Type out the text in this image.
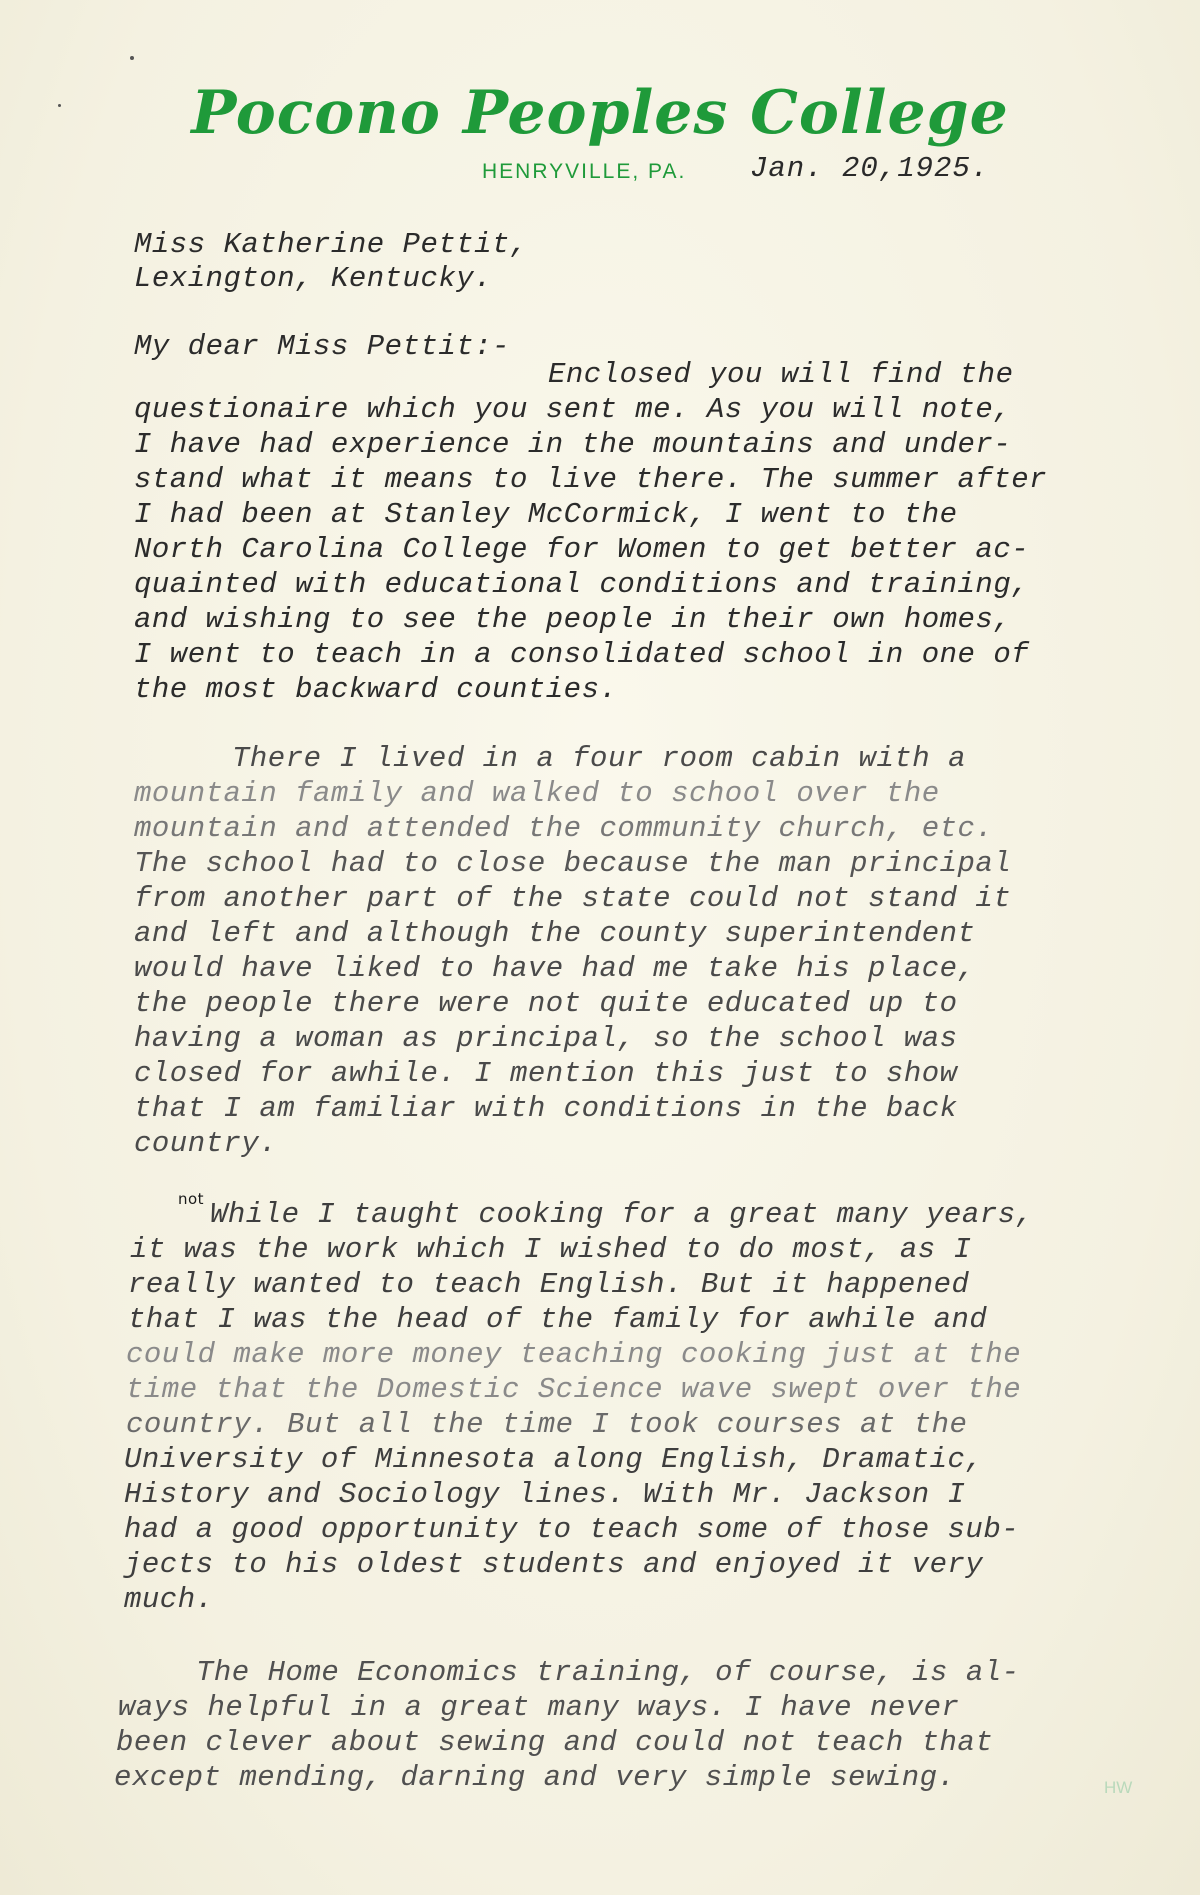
Pocono Peoples College
HENRYVILLE, PA. Jan. 20,1925.
Miss Katherine Pettit,
Lexington, Kentucky.
My dear Miss Pettit:-
Enclosed you will find the
questionaire which you sent me. As you will note,
I have had experience in the mountains and under-
stand what it means to live there. The summer after
I had been at Stanley McCormick, I went to the
North Carolina College for Women to get better ac-
quainted with educational conditions and training,
and wishing to see the people in their own homes,
I went to teach in a consolidated school in one of
the most backward counties.
There I lived in a four room cabin with a
mountain family and walked to school over the
mountain and attended the community church, etc.
The school had to close because the man principal
from another part of the state could not stand it
and left and although the county superintendent
would have liked to have had me take his place,
the people there were not quite educated up to
having a woman as principal, so the school was
closed for awhile. I mention this just to show
that I am familiar with conditions in the back
country.
While I taught cooking for a great many years,
it was the work which I wished to do most, as I
really wanted to teach English. But it happened
that I was the head of the family for awhile and
could make more money teaching cooking just at the
time that the Domestic Science wave swept over the
country. But all the time I took courses at the
University of Minnesota along English, Dramatic,
History and Sociology lines. With Mr. Jackson I
had a good opportunity to teach some of those sub-
jects to his oldest students and enjoyed it very
much.
The Home Economics training, of course, is al-
ways helpful in a great many ways. I have never
been clever about sewing and could not teach that
except mending, darning and very simple sewing.
not
HW
